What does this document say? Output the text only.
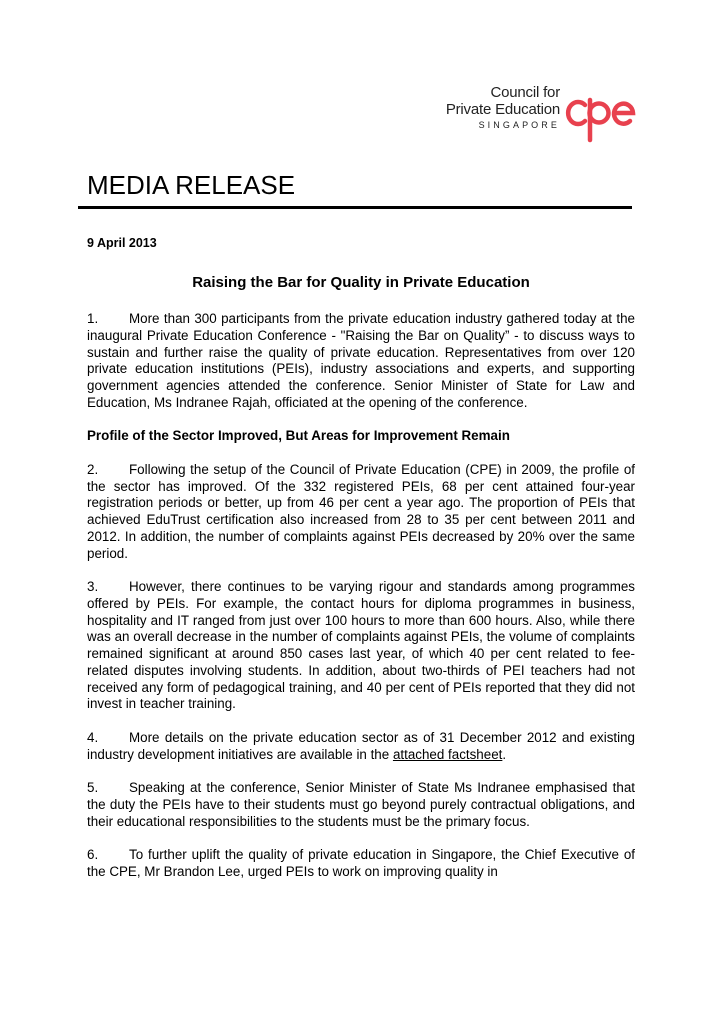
Council for
Private Education
SINGAPORE
MEDIA RELEASE
9 April 2013
Raising the Bar for Quality in Private Education

1. More than 300 participants from the private education industry gathered today at the inaugural Private Education Conference - "Raising the Bar on Quality” - to discuss ways to sustain and further raise the quality of private education. Representatives from over 120 private education institutions (PEIs), industry associations and experts, and supporting government agencies attended the conference. Senior Minister of State for Law and Education, Ms Indranee Rajah, officiated at the opening of the conference.

Profile of the Sector Improved, But Areas for Improvement Remain

2. Following the setup of the Council of Private Education (CPE) in 2009, the profile of the sector has improved. Of the 332 registered PEIs, 68 per cent attained four-year registration periods or better, up from 46 per cent a year ago. The proportion of PEIs that achieved EduTrust certification also increased from 28 to 35 per cent between 2011 and 2012. In addition, the number of complaints against PEIs decreased by 20% over the same period.

3. However, there continues to be varying rigour and standards among programmes offered by PEIs. For example, the contact hours for diploma programmes in business, hospitality and IT ranged from just over 100 hours to more than 600 hours. Also, while there was an overall decrease in the number of complaints against PEIs, the volume of complaints remained significant at around 850 cases last year, of which 40 per cent related to fee-related disputes involving students. In addition, about two-thirds of PEI teachers had not received any form of pedagogical training, and 40 per cent of PEIs reported that they did not invest in teacher training.

4. More details on the private education sector as of 31 December 2012 and existing industry development initiatives are available in the attached factsheet.

5. Speaking at the conference, Senior Minister of State Ms Indranee emphasised that the duty the PEIs have to their students must go beyond purely contractual obligations, and their educational responsibilities to the students must be the primary focus.

6. To further uplift the quality of private education in Singapore, the Chief Executive of the CPE, Mr Brandon Lee, urged PEIs to work on improving quality in
